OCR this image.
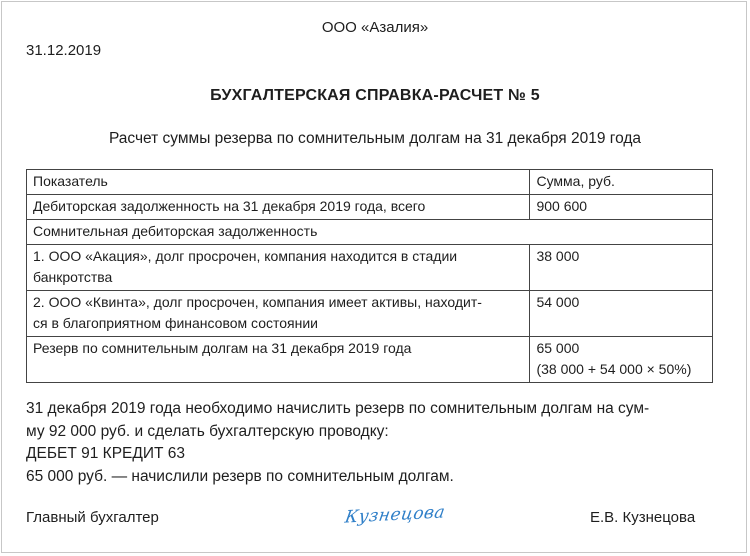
ООО «Азалия»
31.12.2019
БУХГАЛТЕРСКАЯ СПРАВКА-РАСЧЕТ № 5
Расчет суммы резерва по сомнительным долгам на 31 декабря 2019 года
Показатель	Сумма, руб.
Дебиторская задолженность на 31 декабря 2019 года, всего	900 600
Сомнительная дебиторская задолженность	

1. ООО «Акация», долг просрочен, компания находится в стадии
банкротства	38 000

2. ООО «Квинта», долг просрочен, компания имеет активы, находит-
ся в благоприятном финансовом состоянии	54 000
Резерв по сомнительным долгам на 31 декабря 2019 года	65 000
(38 000 + 54 000 × 50%)
31 декабря 2019 года необходимо начислить резерв по сомнительным долгам на сум-
му 92 000 руб. и сделать бухгалтерскую проводку:
ДЕБЕТ 91 КРЕДИТ 63
65 000 руб. — начислили резерв по сомнительным долгам.
Главный бухгалтер	Кузнецова	Е.В. Кузнецова
